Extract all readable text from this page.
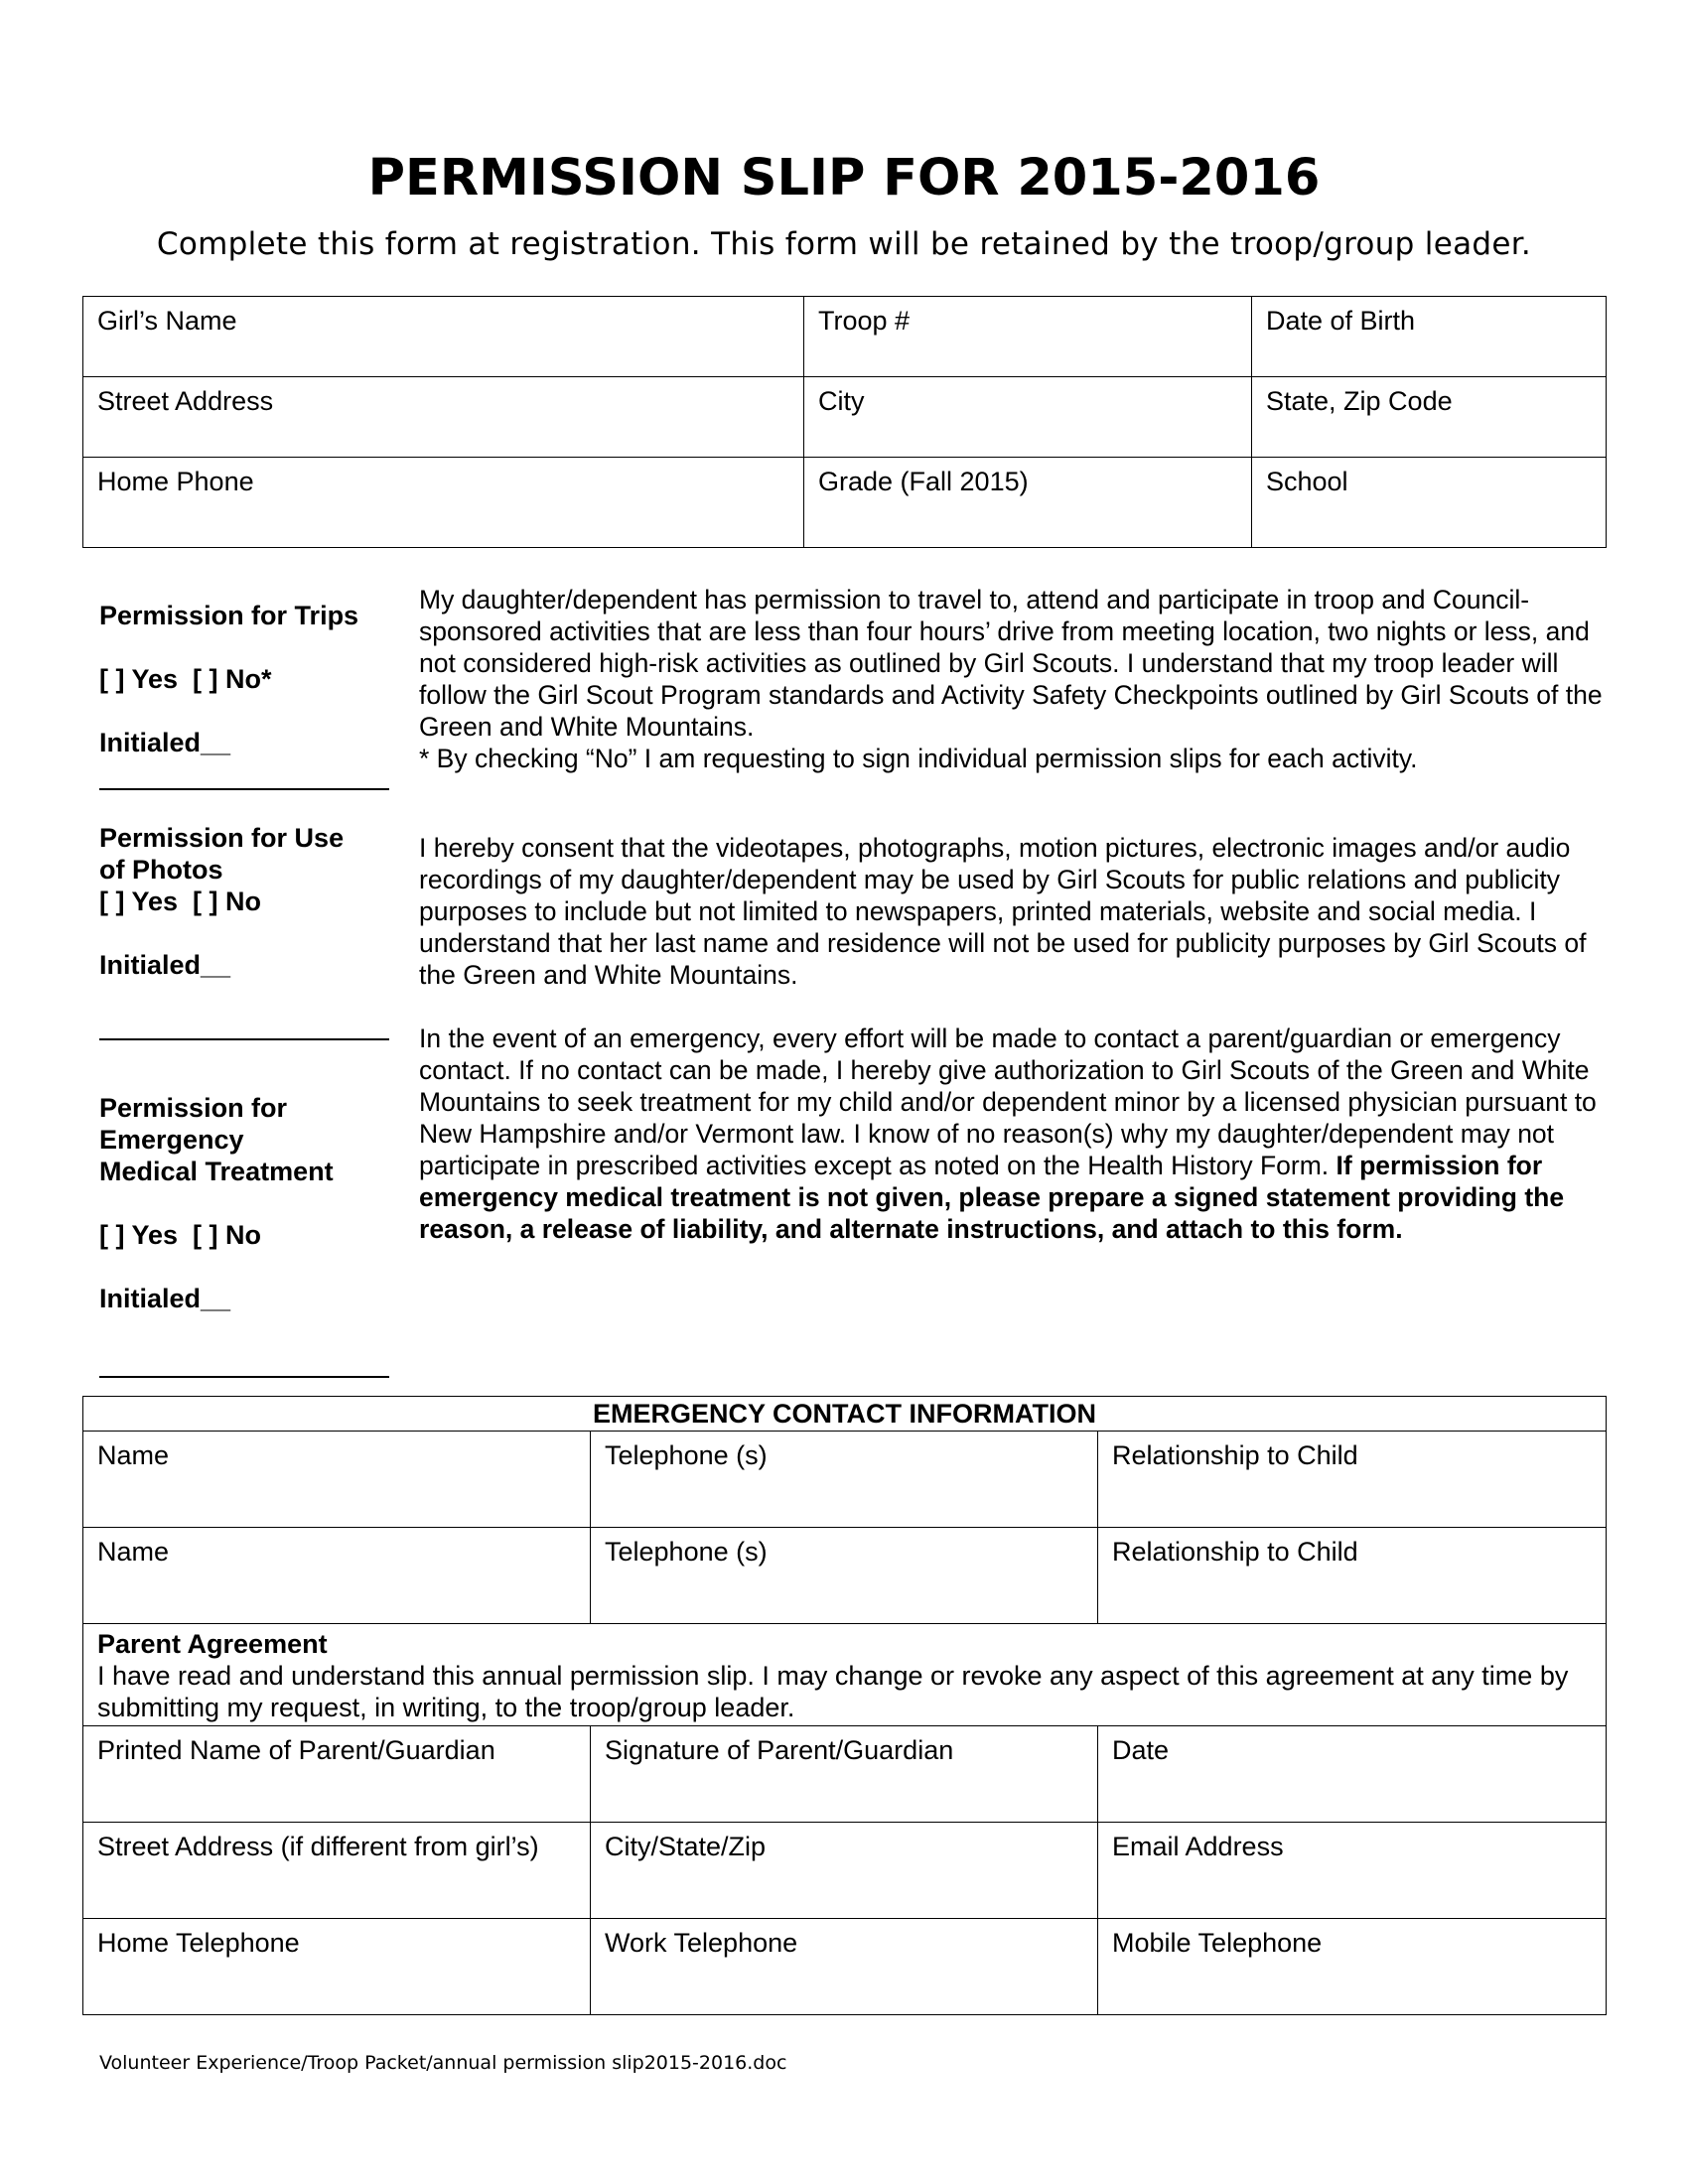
PERMISSION SLIP FOR 2015-2016

Complete this form at registration. This form will be retained by the troop/group leader.

Girl’s Name	Troop #	Date of Birth
Street Address	City	State, Zip Code
Home Phone	Grade (Fall 2015)	School
Permission for Trips
[ ] Yes  [ ] No*
Initialed__

My daughter/dependent has permission to travel to, attend and participate in troop and Council- sponsored activities that are less than four hours’ drive from meeting location, two nights or less, and not considered high-risk activities as outlined by Girl Scouts. I understand that my troop leader will follow the Girl Scout Program standards and Activity Safety Checkpoints outlined by Girl Scouts of the Green and White Mountains.
* By checking “No” I am requesting to sign individual permission slips for each activity.

Permission for Use
of Photos
[ ] Yes  [ ] No
Initialed__

I hereby consent that the videotapes, photographs, motion pictures, electronic images and/or audio recordings of my daughter/dependent may be used by Girl Scouts for public relations and publicity purposes to include but not limited to newspapers, printed materials, website and social media. I understand that her last name and residence will not be used for publicity purposes by Girl Scouts of the Green and White Mountains.

Permission for
Emergency
Medical Treatment
[ ] Yes  [ ] No
Initialed__

In the event of an emergency, every effort will be made to contact a parent/guardian or emergency contact. If no contact can be made, I hereby give authorization to Girl Scouts of the Green and White Mountains to seek treatment for my child and/or dependent minor by a licensed physician pursuant to New Hampshire and/or Vermont law. I know of no reason(s) why my daughter/dependent may not participate in prescribed activities except as noted on the Health History Form. If permission for emergency medical treatment is not given, please prepare a signed statement providing the reason, a release of liability, and alternate instructions, and attach to this form.

EMERGENCY CONTACT INFORMATION		
Name	Telephone (s)	Relationship to Child
Name	Telephone (s)	Relationship to Child
Parent Agreement
I have read and understand this annual permission slip. I may change or revoke any aspect of this agreement at any time by submitting my request, in writing, to the troop/group leader.		
Printed Name of Parent/Guardian	Signature of Parent/Guardian	Date
Street Address (if different from girl’s)	City/State/Zip	Email Address
Home Telephone	Work Telephone	Mobile Telephone
Volunteer Experience/Troop Packet/annual permission slip2015-2016.doc
